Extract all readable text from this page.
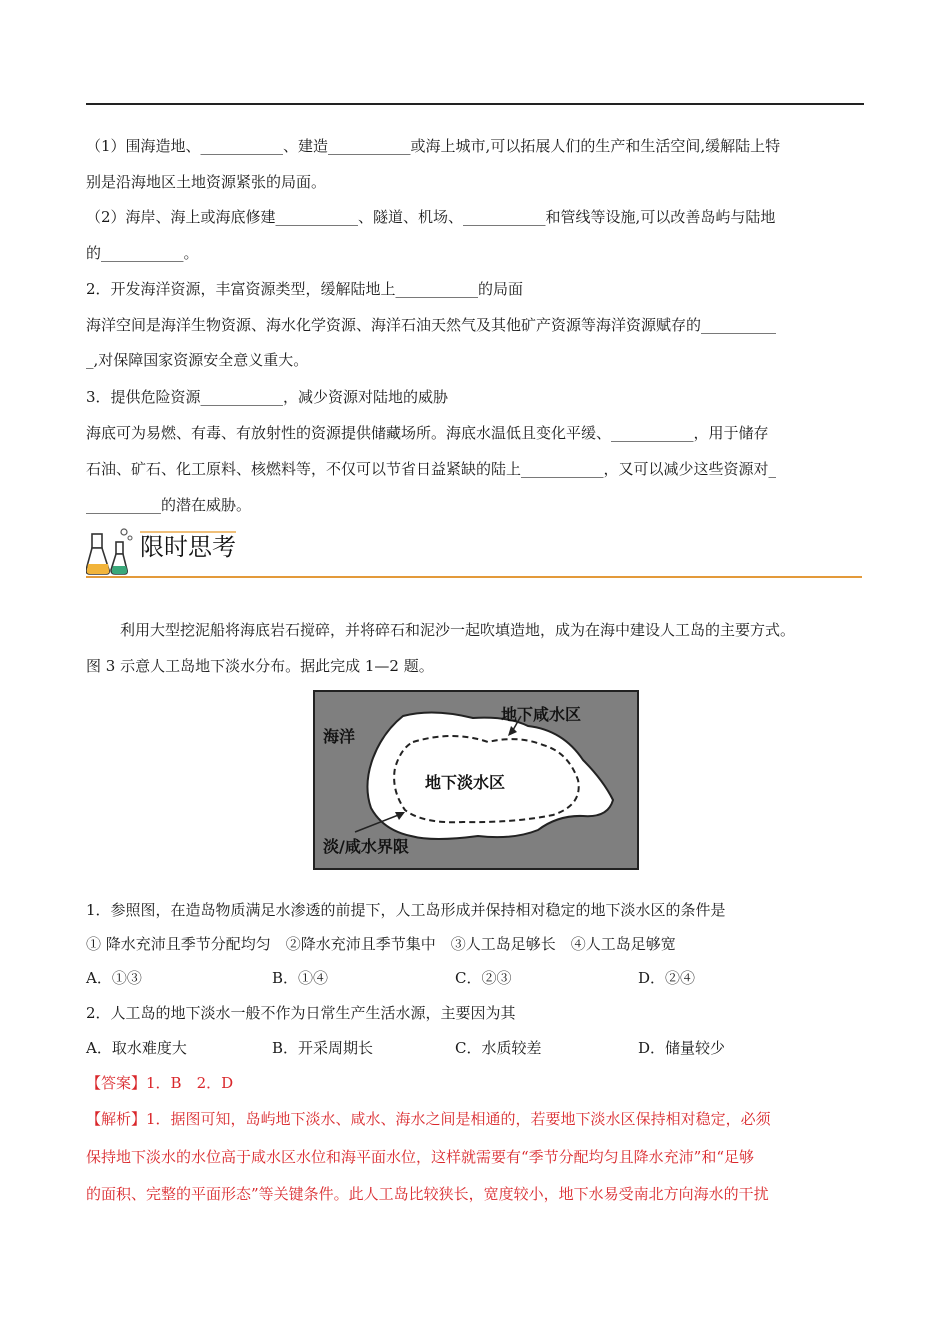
（1）围海造地、___________、建造___________或海上城市,可以拓展人们的生产和生活空间,缓解陆上特
别是沿海地区土地资源紧张的局面。
（2）海岸、海上或海底修建___________、隧道、机场、___________和管线等设施,可以改善岛屿与陆地
的___________。
2．开发海洋资源，丰富资源类型，缓解陆地上___________的局面
海洋空间是海洋生物资源、海水化学资源、海洋石油天然气及其他矿产资源等海洋资源赋存的__________
_,对保障国家资源安全意义重大。
3．提供危险资源___________，减少资源对陆地的威胁
海底可为易燃、有毒、有放射性的资源提供储藏场所。海底水温低且变化平缓、___________，用于储存
石油、矿石、化工原料、核燃料等，不仅可以节省日益紧缺的陆上___________，又可以减少这些资源对_
__________的潜在威胁。
限时思考
利用大型挖泥船将海底岩石搅碎，并将碎石和泥沙一起吹填造地，成为在海中建设人工岛的主要方式。
图 3 示意人工岛地下淡水分布。据此完成 1—2 题。
海洋
地下咸水区
地下淡水区
淡/咸水界限
1．参照图，在造岛物质满足水渗透的前提下，人工岛形成并保持相对稳定的地下淡水区的条件是
① 降水充沛且季节分配均匀　②降水充沛且季节集中　③人工岛足够长　④人工岛足够宽
A．①③	B．①④	C．②③	D．②④
2．人工岛的地下淡水一般不作为日常生产生活水源，主要因为其
A．取水难度大	B．开采周期长	C．水质较差	D．储量较少
【答案】1．B　2．D
【解析】1．据图可知，岛屿地下淡水、咸水、海水之间是相通的，若要地下淡水区保持相对稳定，必须
保持地下淡水的水位高于咸水区水位和海平面水位，这样就需要有“季节分配均匀且降水充沛”和“足够
的面积、完整的平面形态”等关键条件。此人工岛比较狭长，宽度较小，地下水易受南北方向海水的干扰
